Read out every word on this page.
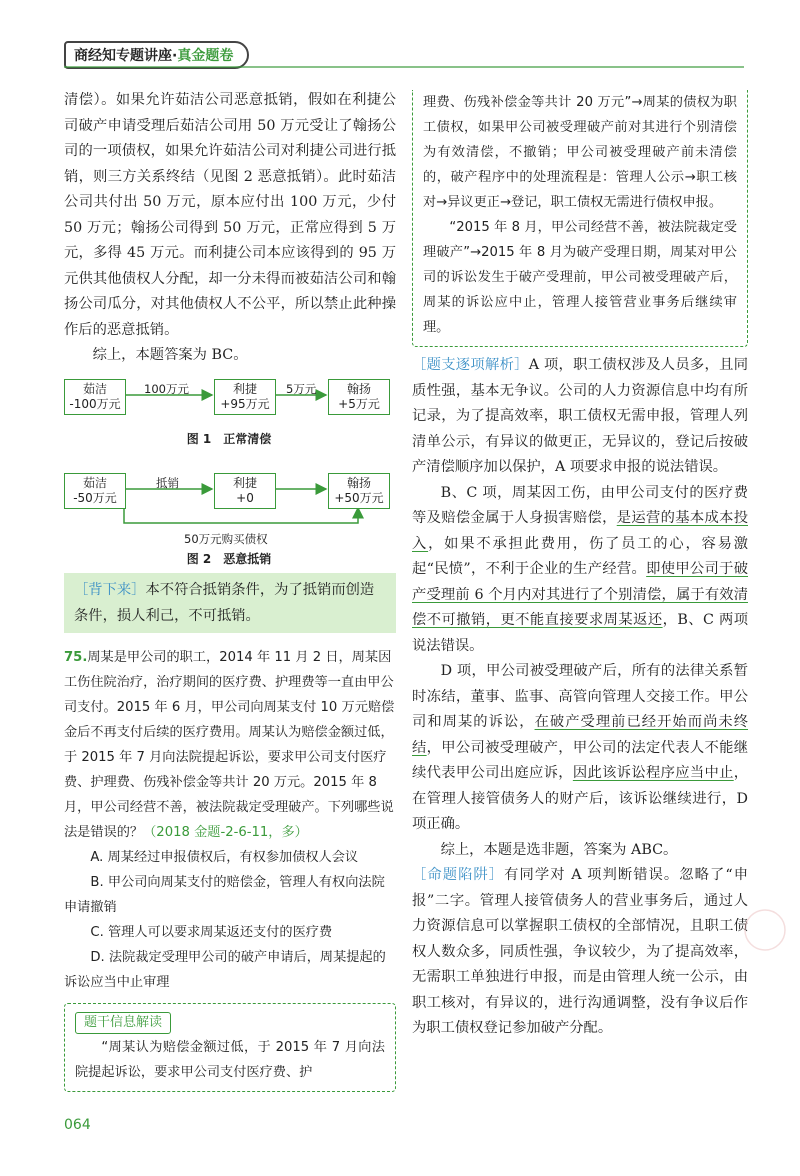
商经知专题讲座·真金题卷

清偿）。如果允许茹洁公司恶意抵销，假如在利捷公司破产申请受理后茹洁公司用 50 万元受让了翰扬公司的一项债权，如果允许茹洁公司对利捷公司进行抵销，则三方关系终结（见图 2 恶意抵销）。此时茹洁公司共付出 50 万元，原本应付出 100 万元，少付 50 万元；翰扬公司得到 50 万元，正常应得到 5 万元，多得 45 万元。而利捷公司本应该得到的 95 万元供其他债权人分配，却一分未得而被茹洁公司和翰扬公司瓜分，对其他债权人不公平，所以禁止此种操作后的恶意抵销。

综上，本题答案为 BC。

茹洁
-100万元
100万元	利捷
+95万元
5万元	翰扬
+5万元
图 1　正常清偿
茹洁
-50万元
抵销	利捷
+0
翰扬
+50万元
50万元购买债权
图 2　恶意抵销
［背下来］本不符合抵销条件，为了抵销而创造条件，损人利己，不可抵销。
75.周某是甲公司的职工，2014 年 11 月 2 日，周某因工伤住院治疗，治疗期间的医疗费、护理费等一直由甲公司支付。2015 年 6 月，甲公司向周某支付 10 万元赔偿金后不再支付后续的医疗费用。周某认为赔偿金额过低，于 2015 年 7 月向法院提起诉讼，要求甲公司支付医疗费、护理费、伤残补偿金等共计 20 万元。2015 年 8 月，甲公司经营不善，被法院裁定受理破产。下列哪些说法是错误的？（2018 金题-2-6-11，多）
A. 周某经过申报债权后，有权参加债权人会议
B. 甲公司向周某支付的赔偿金，管理人有权向法院申请撤销
C. 管理人可以要求周某返还支付的医疗费
D. 法院裁定受理甲公司的破产申请后，周某提起的诉讼应当中止审理
题干信息解读

“周某认为赔偿金额过低，于 2015 年 7 月向法院提起诉讼，要求甲公司支付医疗费、护

理费、伤残补偿金等共计 20 万元”→周某的债权为职工债权，如果甲公司被受理破产前对其进行个别清偿为有效清偿，不撤销；甲公司被受理破产前未清偿的，破产程序中的处理流程是：管理人公示→职工核对→异议更正→登记，职工债权无需进行债权申报。

“2015 年 8 月，甲公司经营不善，被法院裁定受理破产”→2015 年 8 月为破产受理日期，周某对甲公司的诉讼发生于破产受理前，甲公司被受理破产后，周某的诉讼应中止，管理人接管营业事务后继续审理。

［题支逐项解析］A 项，职工债权涉及人员多，且同质性强，基本无争议。公司的人力资源信息中均有所记录，为了提高效率，职工债权无需申报，管理人列清单公示，有异议的做更正，无异议的，登记后按破产清偿顺序加以保护，A 项要求申报的说法错误。

B、C 项，周某因工伤，由甲公司支付的医疗费等及赔偿金属于人身损害赔偿，是运营的基本成本投入，如果不承担此费用，伤了员工的心，容易激起“民愤”，不利于企业的生产经营。即使甲公司于破产受理前 6 个月内对其进行了个别清偿，属于有效清偿不可撤销，更不能直接要求周某返还，B、C 两项说法错误。

D 项，甲公司被受理破产后，所有的法律关系暂时冻结，董事、监事、高管向管理人交接工作。甲公司和周某的诉讼，在破产受理前已经开始而尚未终结，甲公司被受理破产，甲公司的法定代表人不能继续代表甲公司出庭应诉，因此该诉讼程序应当中止，在管理人接管债务人的财产后，该诉讼继续进行，D 项正确。

综上，本题是选非题，答案为 ABC。

［命题陷阱］有同学对 A 项判断错误。忽略了“申报”二字。管理人接管债务人的营业事务后，通过人力资源信息可以掌握职工债权的全部情况，且职工债权人数众多，同质性强，争议较少，为了提高效率，无需职工单独进行申报，而是由管理人统一公示，由职工核对，有异议的，进行沟通调整，没有争议后作为职工债权登记参加破产分配。

064
